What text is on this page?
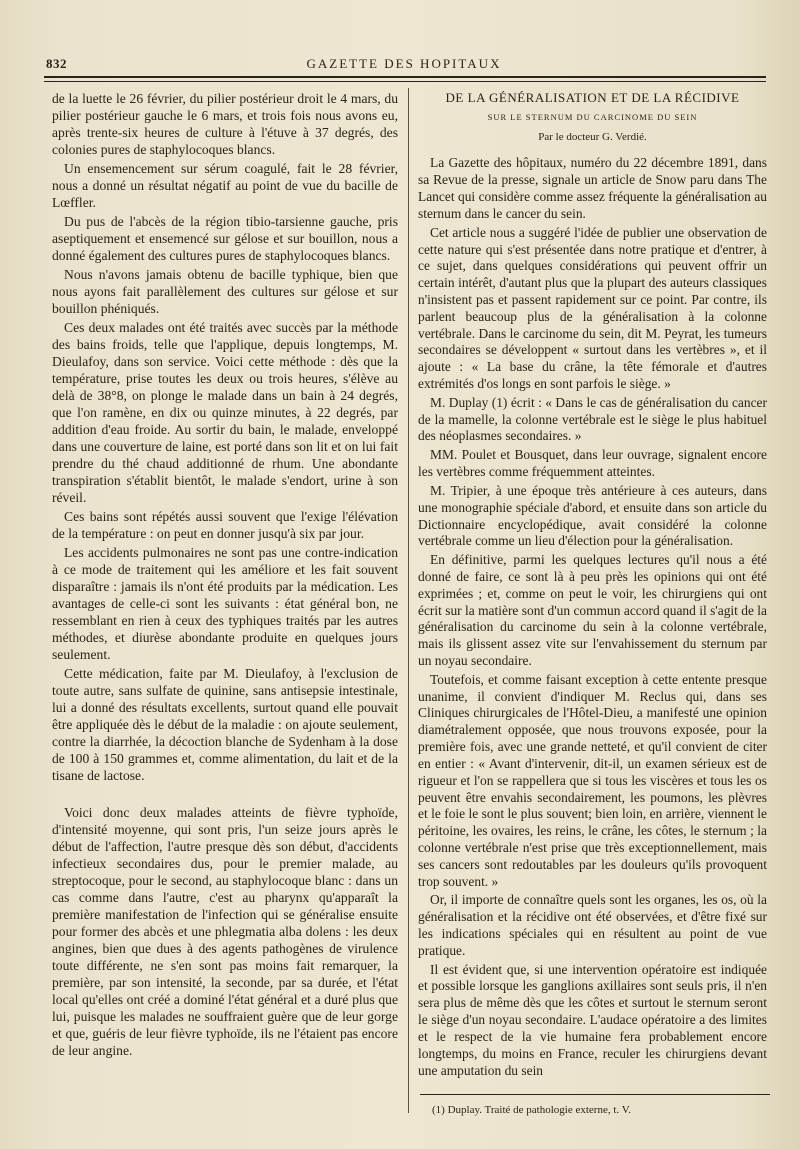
832	GAZETTE DES HOPITAUX

de la luette le 26 février, du pilier postérieur droit le 4 mars, du pilier postérieur gauche le 6 mars, et trois fois nous avons eu, après trente-six heures de culture à l'étuve à 37 degrés, des colonies pures de staphylocoques blancs.

Un ensemencement sur sérum coagulé, fait le 28 février, nous a donné un résultat négatif au point de vue du bacille de Lœffler.

Du pus de l'abcès de la région tibio-tarsienne gauche, pris aseptiquement et ensemencé sur gélose et sur bouillon, nous a donné également des cultures pures de staphylocoques blancs.

Nous n'avons jamais obtenu de bacille typhique, bien que nous ayons fait parallèlement des cultures sur gélose et sur bouillon phéniqués.

Ces deux malades ont été traités avec succès par la méthode des bains froids, telle que l'applique, depuis longtemps, M. Dieulafoy, dans son service. Voici cette méthode : dès que la température, prise toutes les deux ou trois heures, s'élève au delà de 38°8, on plonge le malade dans un bain à 24 degrés, que l'on ramène, en dix ou quinze minutes, à 22 degrés, par addition d'eau froide. Au sortir du bain, le malade, enveloppé dans une couverture de laine, est porté dans son lit et on lui fait prendre du thé chaud additionné de rhum. Une abondante transpiration s'établit bientôt, le malade s'endort, urine à son réveil.

Ces bains sont répétés aussi souvent que l'exige l'élévation de la température : on peut en donner jusqu'à six par jour.

Les accidents pulmonaires ne sont pas une contre-indication à ce mode de traitement qui les améliore et les fait souvent disparaître : jamais ils n'ont été produits par la médication. Les avantages de celle-ci sont les suivants : état général bon, ne ressemblant en rien à ceux des typhiques traités par les autres méthodes, et diurèse abondante produite en quelques jours seulement.

Cette médication, faite par M. Dieulafoy, à l'exclusion de toute autre, sans sulfate de quinine, sans antisepsie intestinale, lui a donné des résultats excellents, surtout quand elle pouvait être appliquée dès le début de la maladie : on ajoute seulement, contre la diarrhée, la décoction blanche de Sydenham à la dose de 100 à 150 grammes et, comme alimentation, du lait et de la tisane de lactose.

Voici donc deux malades atteints de fièvre typhoïde, d'intensité moyenne, qui sont pris, l'un seize jours après le début de l'affection, l'autre presque dès son début, d'accidents infectieux secondaires dus, pour le premier malade, au streptocoque, pour le second, au staphylocoque blanc : dans un cas comme dans l'autre, c'est au pharynx qu'apparaît la première manifestation de l'infection qui se généralise ensuite pour former des abcès et une phlegmatia alba dolens : les deux angines, bien que dues à des agents pathogènes de virulence toute différente, ne s'en sont pas moins fait remarquer, la première, par son intensité, la seconde, par sa durée, et l'état local qu'elles ont créé a dominé l'état général et a duré plus que lui, puisque les malades ne souffraient guère que de leur gorge et que, guéris de leur fièvre typhoïde, ils ne l'étaient pas encore de leur angine.

DE LA GÉNÉRALISATION ET DE LA RÉCIDIVE
SUR LE STERNUM DU CARCINOME DU SEIN
Par le docteur G. Verdié.

La Gazette des hôpitaux, numéro du 22 décembre 1891, dans sa Revue de la presse, signale un article de Snow paru dans The Lancet qui considère comme assez fréquente la généralisation au sternum dans le cancer du sein.

Cet article nous a suggéré l'idée de publier une observation de cette nature qui s'est présentée dans notre pratique et d'entrer, à ce sujet, dans quelques considérations qui peuvent offrir un certain intérêt, d'autant plus que la plupart des auteurs classiques n'insistent pas et passent rapidement sur ce point. Par contre, ils parlent beaucoup plus de la généralisation à la colonne vertébrale. Dans le carcinome du sein, dit M. Peyrat, les tumeurs secondaires se développent « surtout dans les vertèbres », et il ajoute : « La base du crâne, la tête fémorale et d'autres extrémités d'os longs en sont parfois le siège. »

M. Duplay (1) écrit : « Dans le cas de généralisation du cancer de la mamelle, la colonne vertébrale est le siège le plus habituel des néoplasmes secondaires. »

MM. Poulet et Bousquet, dans leur ouvrage, signalent encore les vertèbres comme fréquemment atteintes.

M. Tripier, à une époque très antérieure à ces auteurs, dans une monographie spéciale d'abord, et ensuite dans son article du Dictionnaire encyclopédique, avait considéré la colonne vertébrale comme un lieu d'élection pour la généralisation.

En définitive, parmi les quelques lectures qu'il nous a été donné de faire, ce sont là à peu près les opinions qui ont été exprimées ; et, comme on peut le voir, les chirurgiens qui ont écrit sur la matière sont d'un commun accord quand il s'agit de la généralisation du carcinome du sein à la colonne vertébrale, mais ils glissent assez vite sur l'envahissement du sternum par un noyau secondaire.

Toutefois, et comme faisant exception à cette entente presque unanime, il convient d'indiquer M. Reclus qui, dans ses Cliniques chirurgicales de l'Hôtel-Dieu, a manifesté une opinion diamétralement opposée, que nous trouvons exposée, pour la première fois, avec une grande netteté, et qu'il convient de citer en entier : « Avant d'intervenir, dit-il, un examen sérieux est de rigueur et l'on se rappellera que si tous les viscères et tous les os peuvent être envahis secondairement, les poumons, les plèvres et le foie le sont le plus souvent; bien loin, en arrière, viennent le péritoine, les ovaires, les reins, le crâne, les côtes, le sternum ; la colonne vertébrale n'est prise que très exceptionnellement, mais ses cancers sont redoutables par les douleurs qu'ils provoquent trop souvent. »

Or, il importe de connaître quels sont les organes, les os, où la généralisation et la récidive ont été observées, et d'être fixé sur les indications spéciales qui en résultent au point de vue pratique.

Il est évident que, si une intervention opératoire est indiquée et possible lorsque les ganglions axillaires sont seuls pris, il n'en sera plus de même dès que les côtes et surtout le sternum seront le siège d'un noyau secondaire. L'audace opératoire a des limites et le respect de la vie humaine fera probablement encore longtemps, du moins en France, reculer les chirurgiens devant une amputation du sein

(1) Duplay. Traité de pathologie externe, t. V.
